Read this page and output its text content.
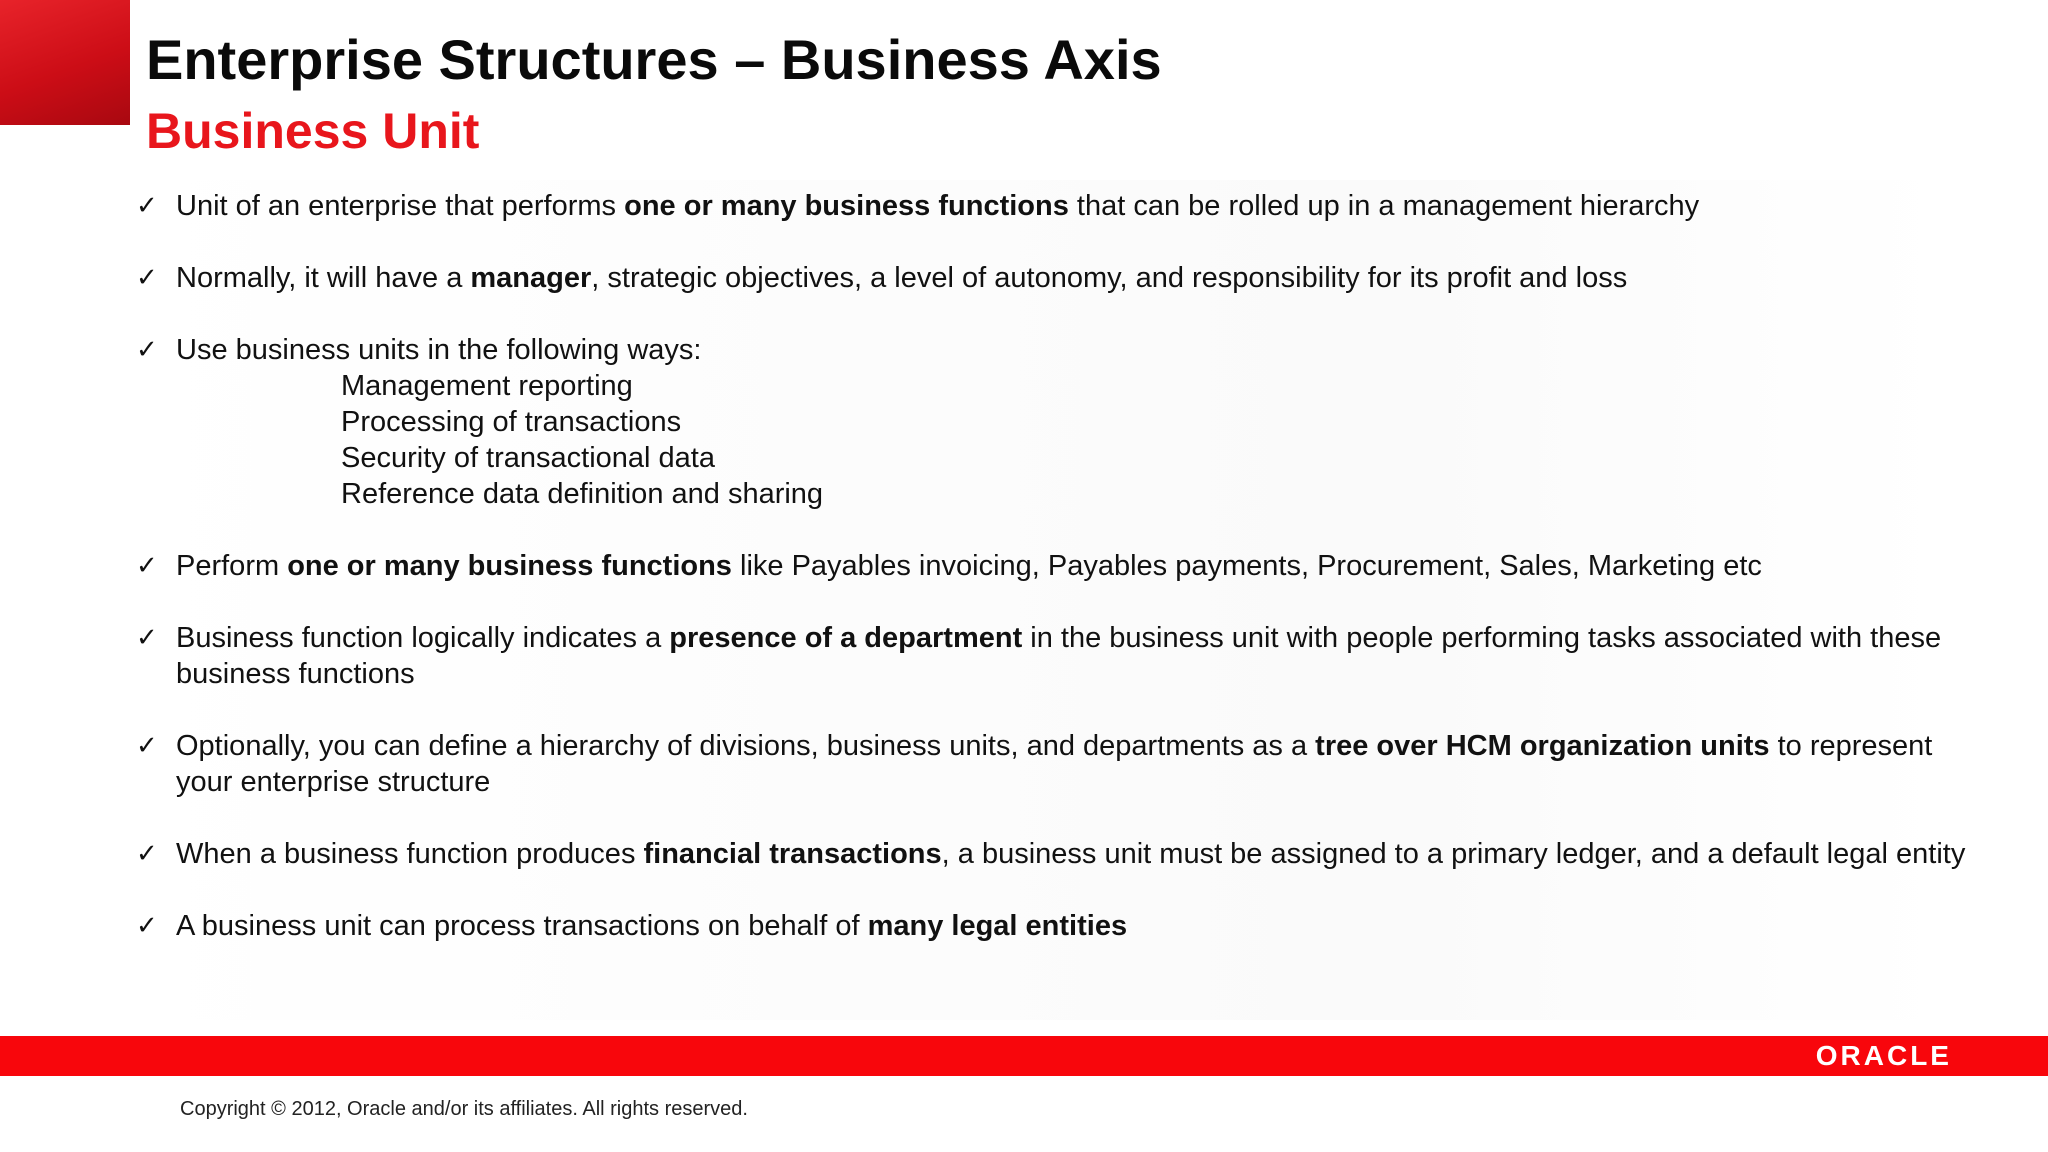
Enterprise Structures – Business Axis
Business Unit
✓ Unit of an enterprise that performs one or many business functions that can be rolled up in a management hierarchy
✓ Normally, it will have a manager, strategic objectives, a level of autonomy, and responsibility for its profit and loss
✓ Use business units in the following ways:
Management reporting
Processing of transactions
Security of transactional data
Reference data definition and sharing
✓ Perform one or many business functions like Payables invoicing, Payables payments, Procurement, Sales, Marketing etc
✓ Business function logically indicates a presence of a department in the business unit with people performing tasks associated with these business functions
✓ Optionally, you can define a hierarchy of divisions, business units, and departments as a tree over HCM organization units to represent your enterprise structure
✓ When a business function produces financial transactions, a business unit must be assigned to a primary ledger, and a default legal entity
✓ A business unit can process transactions on behalf of many legal entities
ORACLE
Copyright © 2012, Oracle and/or its affiliates. All rights reserved.
